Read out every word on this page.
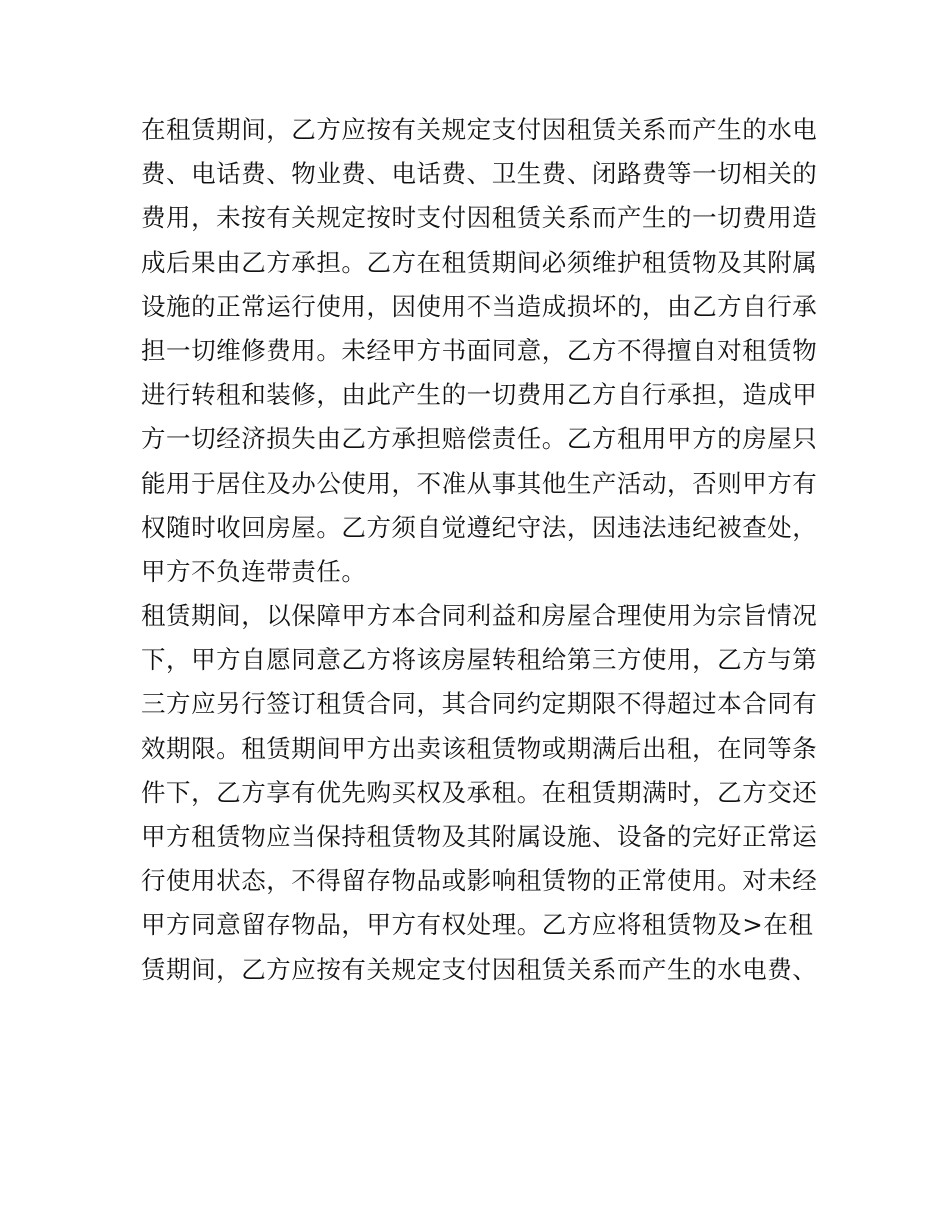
在租赁期间，乙方应按有关规定支付因租赁关系而产生的水电
费、电话费、物业费、电话费、卫生费、闭路费等一切相关的
费用，未按有关规定按时支付因租赁关系而产生的一切费用造
成后果由乙方承担。乙方在租赁期间必须维护租赁物及其附属
设施的正常运行使用，因使用不当造成损坏的，由乙方自行承
担一切维修费用。未经甲方书面同意，乙方不得擅自对租赁物
进行转租和装修，由此产生的一切费用乙方自行承担，造成甲
方一切经济损失由乙方承担赔偿责任。乙方租用甲方的房屋只
能用于居住及办公使用，不准从事其他生产活动，否则甲方有
权随时收回房屋。乙方须自觉遵纪守法，因违法违纪被查处，
甲方不负连带责任。
租赁期间，以保障甲方本合同利益和房屋合理使用为宗旨情况
下，甲方自愿同意乙方将该房屋转租给第三方使用，乙方与第
三方应另行签订租赁合同，其合同约定期限不得超过本合同有
效期限。租赁期间甲方出卖该租赁物或期满后出租，在同等条
件下，乙方享有优先购买权及承租。在租赁期满时，乙方交还
甲方租赁物应当保持租赁物及其附属设施、设备的完好正常运
行使用状态，不得留存物品或影响租赁物的正常使用。对未经
甲方同意留存物品，甲方有权处理。乙方应将租赁物及>在租
赁期间，乙方应按有关规定支付因租赁关系而产生的水电费、
